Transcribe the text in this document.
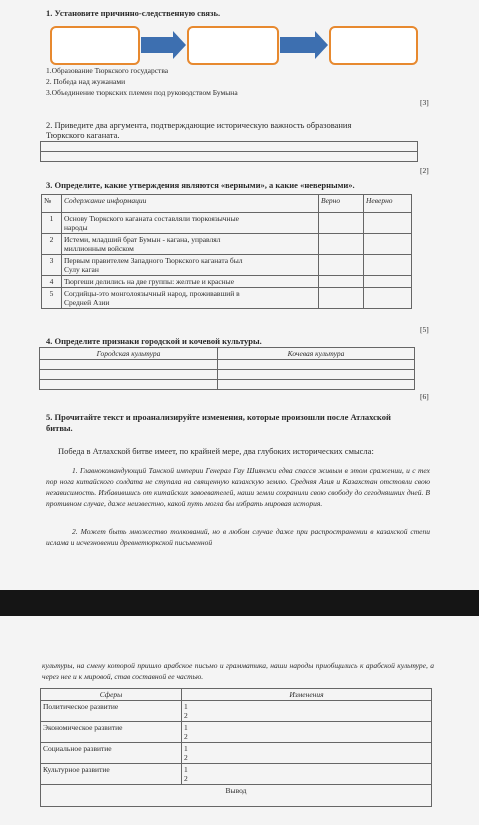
1. Установите причинно-следственную связь.
1.Образование Тюркского государства
2. Победа над жужанами
3.Объединение тюркских племен под руководством Бумына
[3]
2. Приведите два аргумента, подтверждающие историческую важность образования
Тюркского каганата.

[2]
3. Определите, какие утверждения являются «верными», а какие «неверными».
№	Содержание информации	Верно	Неверно
1	Основу Тюркского каганата составляли тюркоязычные
народы		

2	Истеми, младший брат Бумын - кагана, управлял
миллионным войском		

3	Первым правителем Западного Тюркского каганата был
Сулу каган		

4	Тюргеши делились на две группы: желтые и красные		

5	Согдийцы-это монголоязычный народ, проживавший в
Средней Азии		

[5]
4. Определите признаки городской и кочевой культуры.
Городская культура	Кочевая культура

[6]
5. Прочитайте текст и проанализируйте изменения, которые произошли после Атлахской
битвы.
Победа в Атлахской битве имеет, по крайней мере, два глубоких исторических смысла:
1. Главнокомандующий Танской империи Генерал Гау Шиянжи едва спасся живым в этом сражении, и с тех пор нога китайского солдата не ступала на священную казахскую землю. Средняя Азия и Казахстан отстояли свою независимость. Избавившись от китайских завоевателей, наши земли сохранили свою свободу до сегодняшних дней. В противном случае, даже неизвестно, какой путь могла бы избрать мировая история.
2. Может быть множество толкований, но в любом случае даже при распространении в казахской степи ислама и исчезновении древнетюркской письменной
культуры, на смену которой пришло арабское письмо и грамматика, наши народы приобщились к арабской культуре, а через нее и к мировой, став составной ее частью.
Сферы	Изменения
Политическое развитие	1
2

Экономическое развитие	1
2

Социальное развитие	1
2

Культурное развитие	1
2

Вывод	
